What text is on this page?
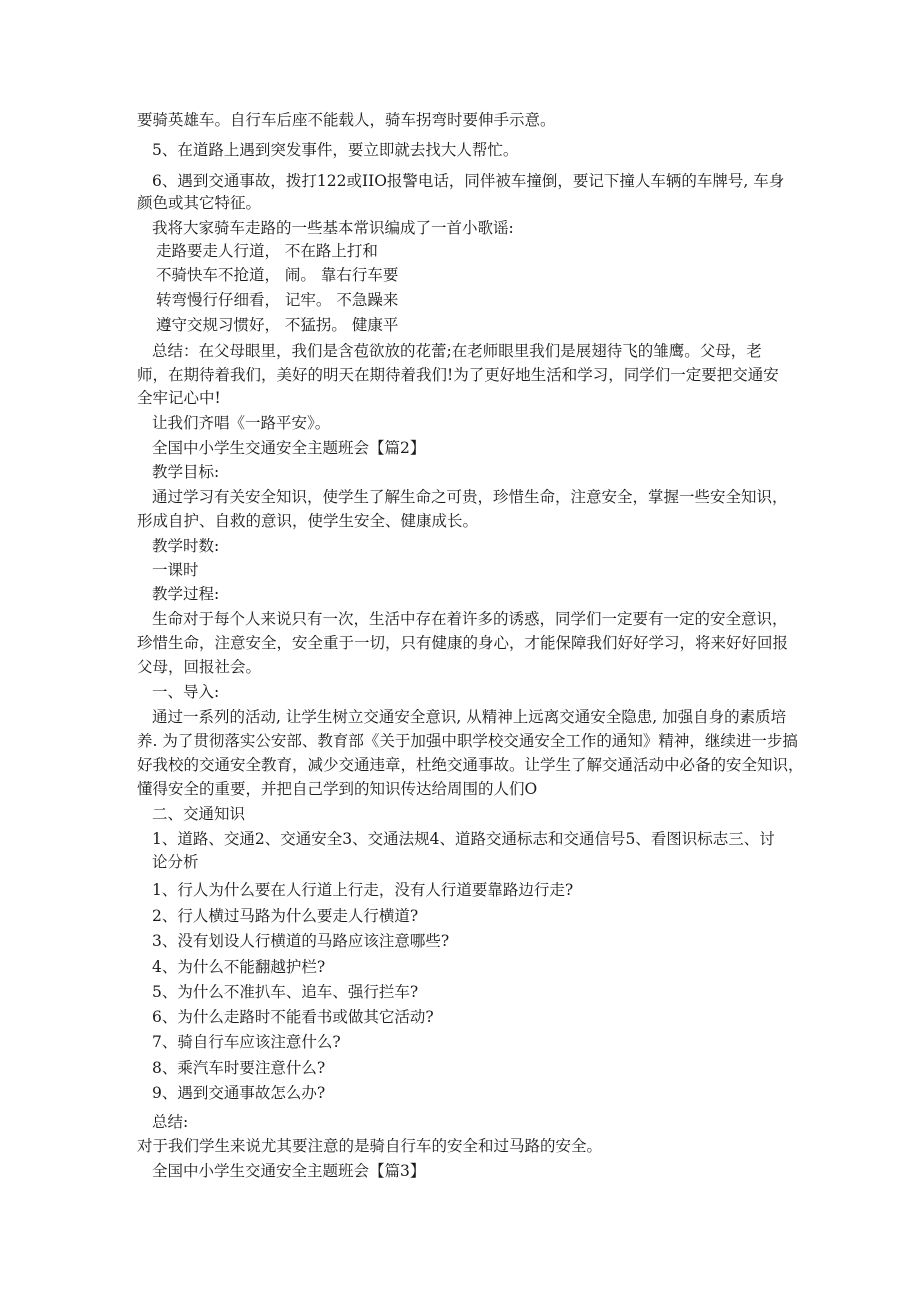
要骑英雄车。自行车后座不能载人，骑车拐弯时要伸手示意。
5、在道路上遇到突发事件，要立即就去找大人帮忙。
6、遇到交通事故，拨打122或IIO报警电话，同伴被车撞倒，要记下撞人车辆的车牌号, 车身
颜色或其它特征。
我将大家骑车走路的一些基本常识编成了一首小歌谣:
走路要走人行道， 不在路上打和
不骑快车不抢道， 闹。 靠右行车要
转弯慢行仔细看， 记牢。 不急躁来
遵守交规习惯好， 不猛拐。 健康平
总结：在父母眼里，我们是含苞欲放的花蕾;在老师眼里我们是展翅待飞的雏鹰。父母，老
师，在期待着我们，美好的明天在期待着我们!为了更好地生活和学习，同学们一定要把交通安
全牢记心中!
让我们齐唱《一路平安》。
全国中小学生交通安全主题班会【篇2】
教学目标:
通过学习有关安全知识，使学生了解生命之可贵，珍惜生命，注意安全，掌握一些安全知识，
形成自护、自救的意识，使学生安全、健康成长。
教学时数:
一课时
教学过程:
生命对于每个人来说只有一次，生活中存在着许多的诱惑，同学们一定要有一定的安全意识，
珍惜生命，注意安全，安全重于一切，只有健康的身心，才能保障我们好好学习，将来好好回报
父母，回报社会。
一、导入:
通过一系列的活动, 让学生树立交通安全意识, 从精神上远离交通安全隐患, 加强自身的素质培
养. 为了贯彻落实公安部、教育部《关于加强中职学校交通安全工作的通知》精神，继续进一步搞
好我校的交通安全教育，减少交通违章，杜绝交通事故。让学生了解交通活动中必备的安全知识，
懂得安全的重要，并把自己学到的知识传达给周围的人们O
二、交通知识
1、道路、交通2、交通安全3、交通法规4、道路交通标志和交通信号5、看图识标志三、讨
论分析
1、行人为什么要在人行道上行走，没有人行道要靠路边行走?
2、行人横过马路为什么要走人行横道?
3、没有划设人行横道的马路应该注意哪些?
4、为什么不能翻越护栏?
5、为什么不准扒车、追车、强行拦车?
6、为什么走路时不能看书或做其它活动?
7、骑自行车应该注意什么?
8、乘汽车时要注意什么?
9、遇到交通事故怎么办?
总结:
对于我们学生来说尤其要注意的是骑自行车的安全和过马路的安全。
全国中小学生交通安全主题班会【篇3】
